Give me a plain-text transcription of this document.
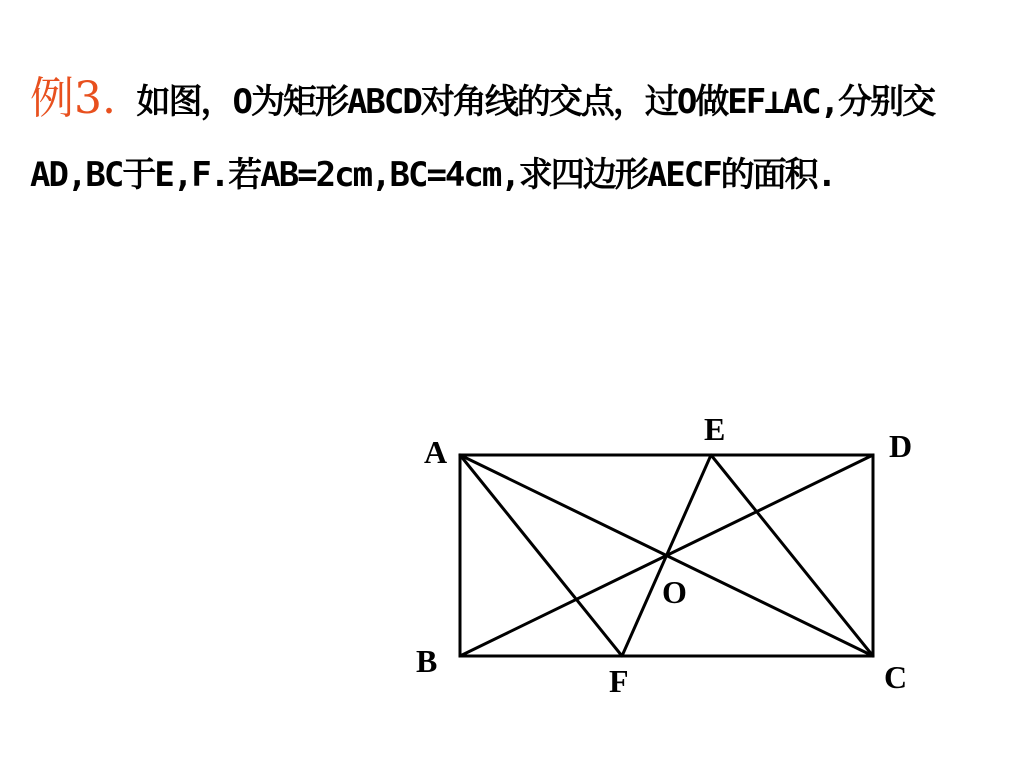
例3. 如图，O为矩形ABCD对角线的交点，过O做EF⊥AC,分别交AD,BC于E,F.若AB=2cm,BC=4cm,求四边形AECF的面积.

A	D
E
O
B
F	C
